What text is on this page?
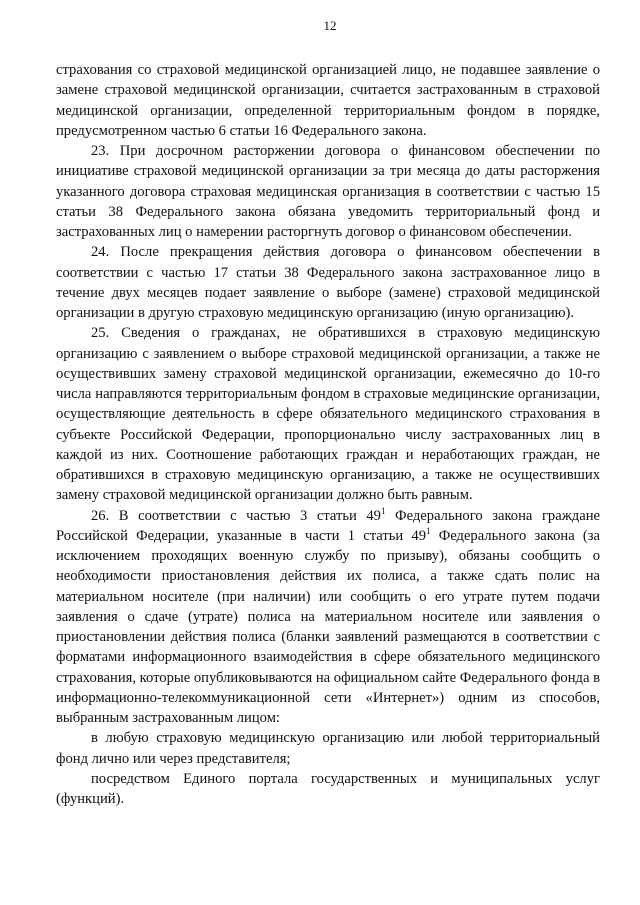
12

страхования со страховой медицинской организацией лицо, не подавшее заявление о замене страховой медицинской организации, считается застрахованным в страховой медицинской организации, определенной территориальным фондом в порядке, предусмотренном частью 6 статьи 16 Федерального закона.

23. При досрочном расторжении договора о финансовом обеспечении по инициативе страховой медицинской организации за три месяца до даты расторжения указанного договора страховая медицинская организация в соответствии с частью 15 статьи 38 Федерального закона обязана уведомить территориальный фонд и застрахованных лиц о намерении расторгнуть договор о финансовом обеспечении.

24. После прекращения действия договора о финансовом обеспечении в соответствии с частью 17 статьи 38 Федерального закона застрахованное лицо в течение двух месяцев подает заявление о выборе (замене) страховой медицинской организации в другую страховую медицинскую организацию (иную организацию).

25. Сведения о гражданах, не обратившихся в страховую медицинскую организацию с заявлением о выборе страховой медицинской организации, а также не осуществивших замену страховой медицинской организации, ежемесячно до 10-го числа направляются территориальным фондом в страховые медицинские организации, осуществляющие деятельность в сфере обязательного медицинского страхования в субъекте Российской Федерации, пропорционально числу застрахованных лиц в каждой из них. Соотношение работающих граждан и неработающих граждан, не обратившихся в страховую медицинскую организацию, а также не осуществивших замену страховой медицинской организации должно быть равным.

26. В соответствии с частью 3 статьи $49^1$ Федерального закона граждане Российской Федерации, указанные в части 1 статьи $49^1$ Федерального закона (за исключением проходящих военную службу по призыву), обязаны сообщить о необходимости приостановления действия их полиса, а также сдать полис на материальном носителе (при наличии) или сообщить о его утрате путем подачи заявления о сдаче (утрате) полиса на материальном носителе или заявления о приостановлении действия полиса (бланки заявлений размещаются в соответствии с форматами информационного взаимодействия в сфере обязательного медицинского страхования, которые опубликовываются на официальном сайте Федерального фонда в информационно-телекоммуникационной сети «Интернет») одним из способов, выбранным застрахованным лицом:

в любую страховую медицинскую организацию или любой территориальный фонд лично или через представителя;

посредством Единого портала государственных и муниципальных услуг (функций).
